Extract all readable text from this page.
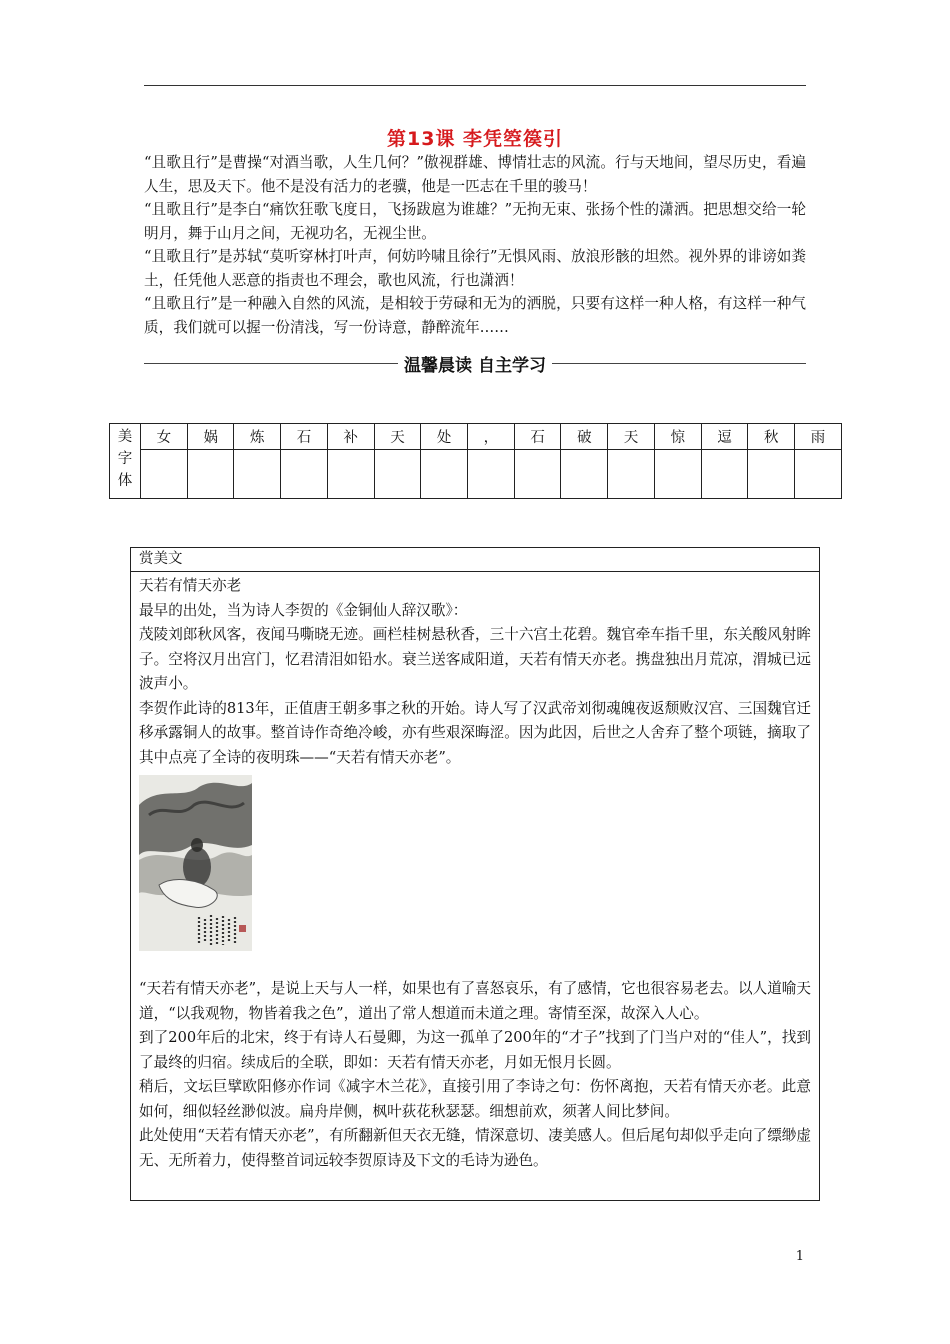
第13课 李凭箜篌引

“且歌且行”是曹操“对酒当歌，人生几何？”傲视群雄、博情壮志的风流。行与天地间，望尽历史，看遍人生，思及天下。他不是没有活力的老骥，他是一匹志在千里的骏马！

“且歌且行”是李白“痛饮狂歌飞度日，飞扬跋扈为谁雄？”无拘无束、张扬个性的潇洒。把思想交给一轮明月，舞于山月之间，无视功名，无视尘世。

“且歌且行”是苏轼“莫听穿林打叶声，何妨吟啸且徐行”无惧风雨、放浪形骸的坦然。视外界的诽谤如粪土，任凭他人恶意的指责也不理会，歌也风流，行也潇洒！

“且歌且行”是一种融入自然的风流，是相较于劳碌和无为的洒脱，只要有这样一种人格，有这样一种气质，我们就可以握一份清浅，写一份诗意，静醉流年……

温馨晨读 自主学习
美字体	女	娲	炼	石	补	天	处	，	石	破	天	惊	逗	秋	雨

赏美文

天若有情天亦老

最早的出处，当为诗人李贺的《金铜仙人辞汉歌》：

茂陵刘郎秋风客，夜闻马嘶晓无迹。画栏桂树悬秋香，三十六宫土花碧。魏官牵车指千里，东关酸风射眸子。空将汉月出宫门，忆君清泪如铅水。衰兰送客咸阳道，天若有情天亦老。携盘独出月荒凉，渭城已远波声小。

李贺作此诗的813年，正值唐王朝多事之秋的开始。诗人写了汉武帝刘彻魂魄夜返颓败汉宫、三国魏官迁移承露铜人的故事。整首诗作奇绝冷峻，亦有些艰深晦涩。因为此因，后世之人舍弃了整个项链，摘取了其中点亮了全诗的夜明珠——“天若有情天亦老”。

“天若有情天亦老”，是说上天与人一样，如果也有了喜怒哀乐，有了感情，它也很容易老去。以人道喻天道，“以我观物，物皆着我之色”，道出了常人想道而未道之理。寄情至深，故深入人心。

到了200年后的北宋，终于有诗人石曼卿，为这一孤单了200年的“才子”找到了门当户对的“佳人”，找到了最终的归宿。续成后的全联，即如：天若有情天亦老，月如无恨月长圆。

稍后，文坛巨擘欧阳修亦作词《减字木兰花》，直接引用了李诗之句：伤怀离抱，天若有情天亦老。此意如何，细似轻丝渺似波。扁舟岸侧，枫叶荻花秋瑟瑟。细想前欢，须著人间比梦间。

此处使用“天若有情天亦老”，有所翻新但天衣无缝，情深意切、凄美感人。但后尾句却似乎走向了缥缈虚无、无所着力，使得整首词远较李贺原诗及下文的毛诗为逊色。

1
